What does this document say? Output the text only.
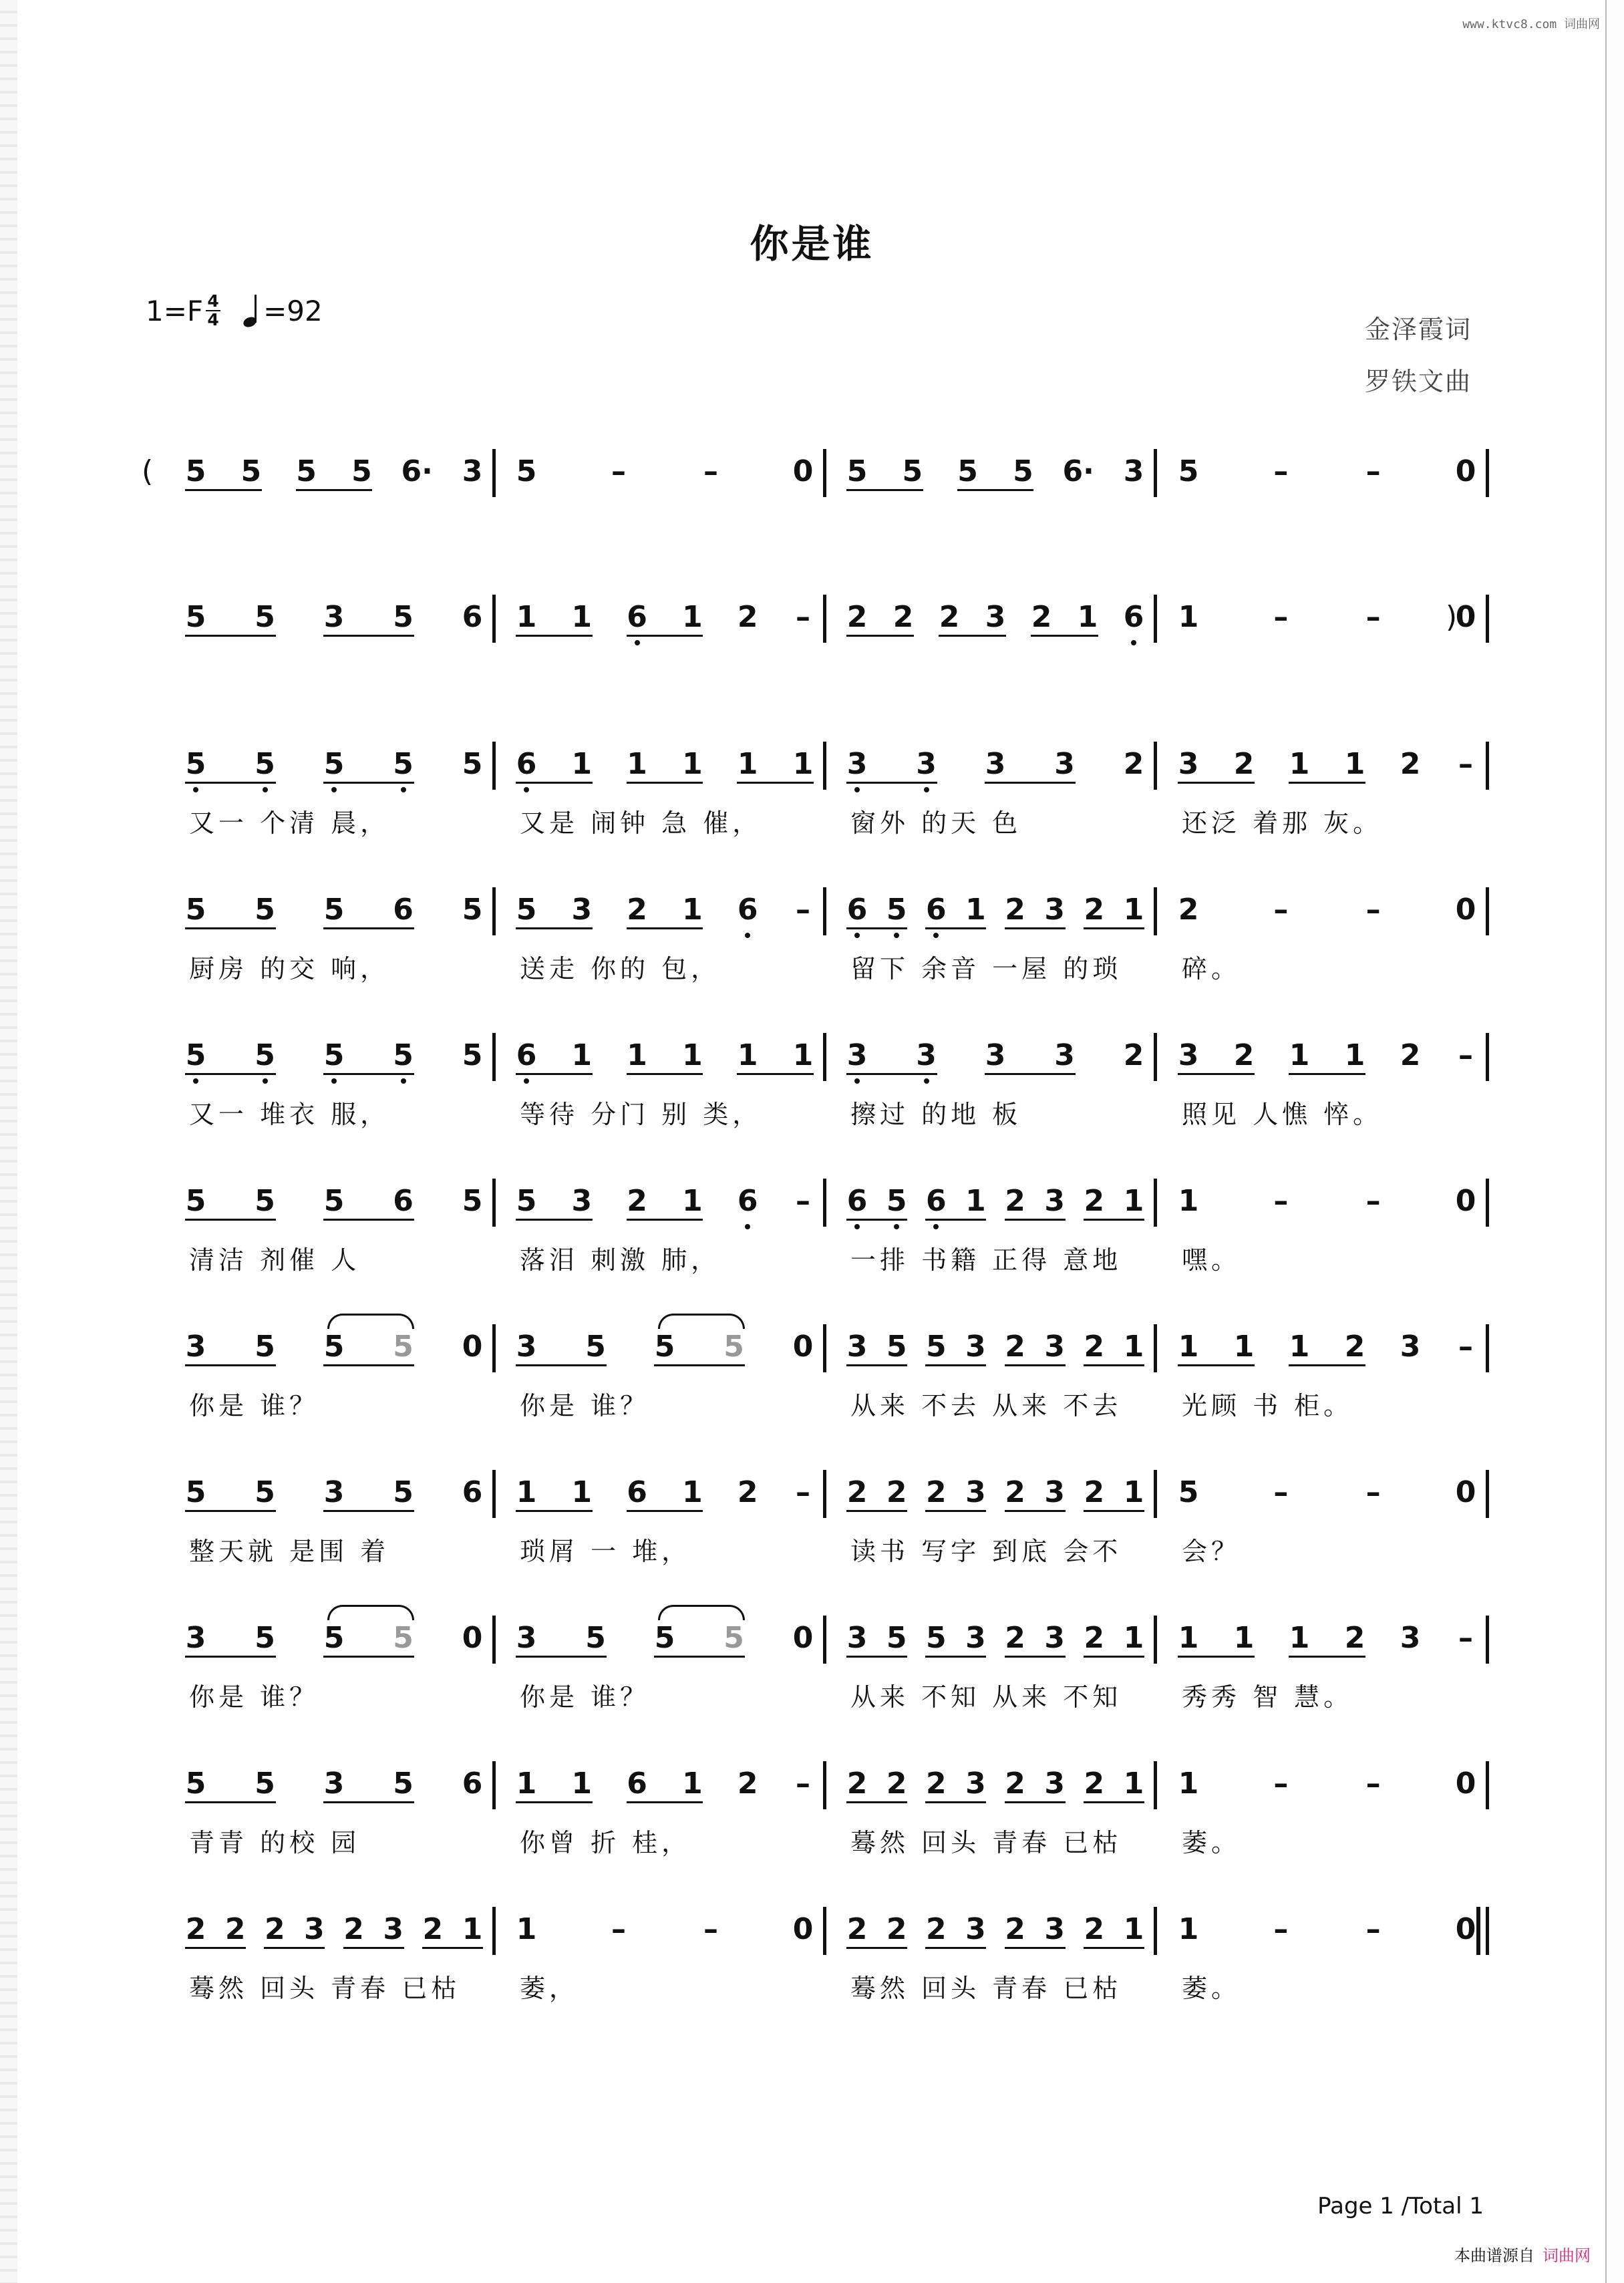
www.ktvc8.com 词曲网
你是谁
1=F 4
4 =92
金泽霞词
罗铁文曲
5 5 5 5 6· 3 5	–	–	0 5 5 5 5 6· 3 5	–	–	0
(
5 5 3 5 6 1 1 6 1 2 – 2 2 2 3 2 1 6 1	–	–	0
)
5 5 5 5 5 6 1 1 1 1 1 3 3 3 3 2 3 2 1 1 2 –
又一 个清 晨，	又是 闹钟 急 催，	窗外 的天 色	还泛 着那 灰。
5 5 5 6 5 5 3 2 1 6 – 6 5 6 1 2 3 2 1 2	–	–	0
厨房 的交 响，	送走 你的 包，	留下 余音 一屋 的琐 碎。
5 5 5 5 5 6 1 1 1 1 1 3 3 3 3 2 3 2 1 1 2 –
又一 堆衣 服，	等待 分门 别 类，	擦过 的地 板	照见 人憔 悴。
5 5 5 6 5 5 3 2 1 6 – 6 5 6 1 2 3 2 1 1	–	–	0
清洁 剂催 人	落泪 刺激 肺，	一排 书籍 正得 意地 嘿。
3 5 5 5 0 3 5 5 5 0 3 5 5 3 2 3 2 1 1 1 1 2 3 –
你是 谁？	你是 谁？	从来 不去 从来 不去 光顾 书 柜。
5 5 3 5 6 1 1 6 1 2 – 2 2 2 3 2 3 2 1 5	–	–	0
整天就 是围 着	琐屑 一 堆，	读书 写字 到底 会不 会？
3 5 5 5 0 3 5 5 5 0 3 5 5 3 2 3 2 1 1 1 1 2 3 –
你是 谁？	你是 谁？	从来 不知 从来 不知 秀秀 智 慧。
5 5 3 5 6 1 1 6 1 2 – 2 2 2 3 2 3 2 1 1	–	–	0
青青 的校 园	你曾 折 桂，	蓦然 回头 青春 已枯 萎。
2 2 2 3 2 3 2 1 1	–	–	0 2 2 2 3 2 3 2 1 1	–	–	0
蓦然 回头 青春 已枯 萎，	蓦然 回头 青春 已枯 萎。
Page 1 /Total 1
本曲谱源自 词曲网
